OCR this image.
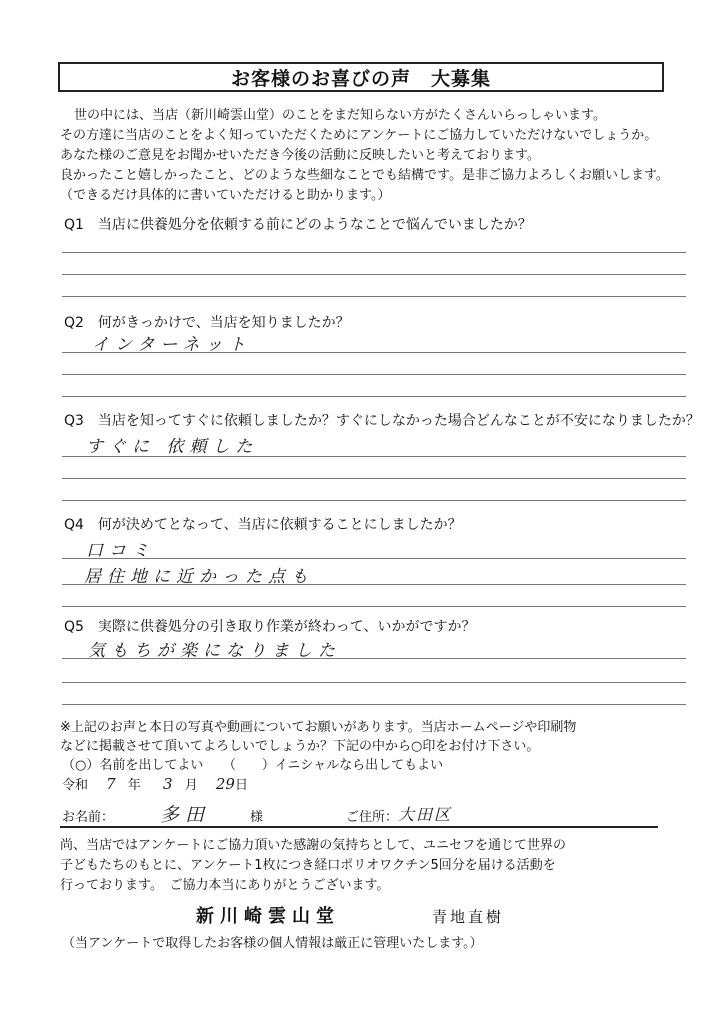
お客様のお喜びの声　大募集
世の中には、当店（新川崎雲山堂）のことをまだ知らない方がたくさんいらっしゃいます。
その方達に当店のことをよく知っていただくためにアンケートにご協力していただけないでしょうか。
あなた様のご意見をお聞かせいただき今後の活動に反映したいと考えております。
良かったこと嬉しかったこと、どのような些細なことでも結構です。是非ご協力よろしくお願いします。
（できるだけ具体的に書いていただけると助かります。）
Q1　当店に供養処分を依頼する前にどのようなことで悩んでいましたか？
Q2　何がきっかけで、当店を知りましたか？
インターネット
Q3　当店を知ってすぐに依頼しましたか？すぐにしなかった場合どんなことが不安になりましたか？
すぐに 依頼した
Q4　何が決めてとなって、当店に依頼することにしましたか？
口コミ
居住地に近かった点も
Q5　実際に供養処分の引き取り作業が終わって、いかがですか？
気もちが楽になりました
※上記のお声と本日の写真や動画についてお願いがあります。当店ホームページや印刷物
などに掲載させて頂いてよろしいでしょうか？下記の中から○印をお付け下さい。
（○）名前を出してよい　　 （　　）イニシャルなら出してもよい
令和 7 年 3 月 29日
お名前： 多田	様	ご住所： 大田区
尚、当店ではアンケートにご協力頂いた感謝の気持ちとして、ユニセフを通じて世界の
子どもたちのもとに、アンケート1枚につき経口ポリオワクチン5回分を届ける活動を
行っております。　ご協力本当にありがとうございます。
新川崎雲山堂	青地直樹
（当アンケートで取得したお客様の個人情報は厳正に管理いたします。）
